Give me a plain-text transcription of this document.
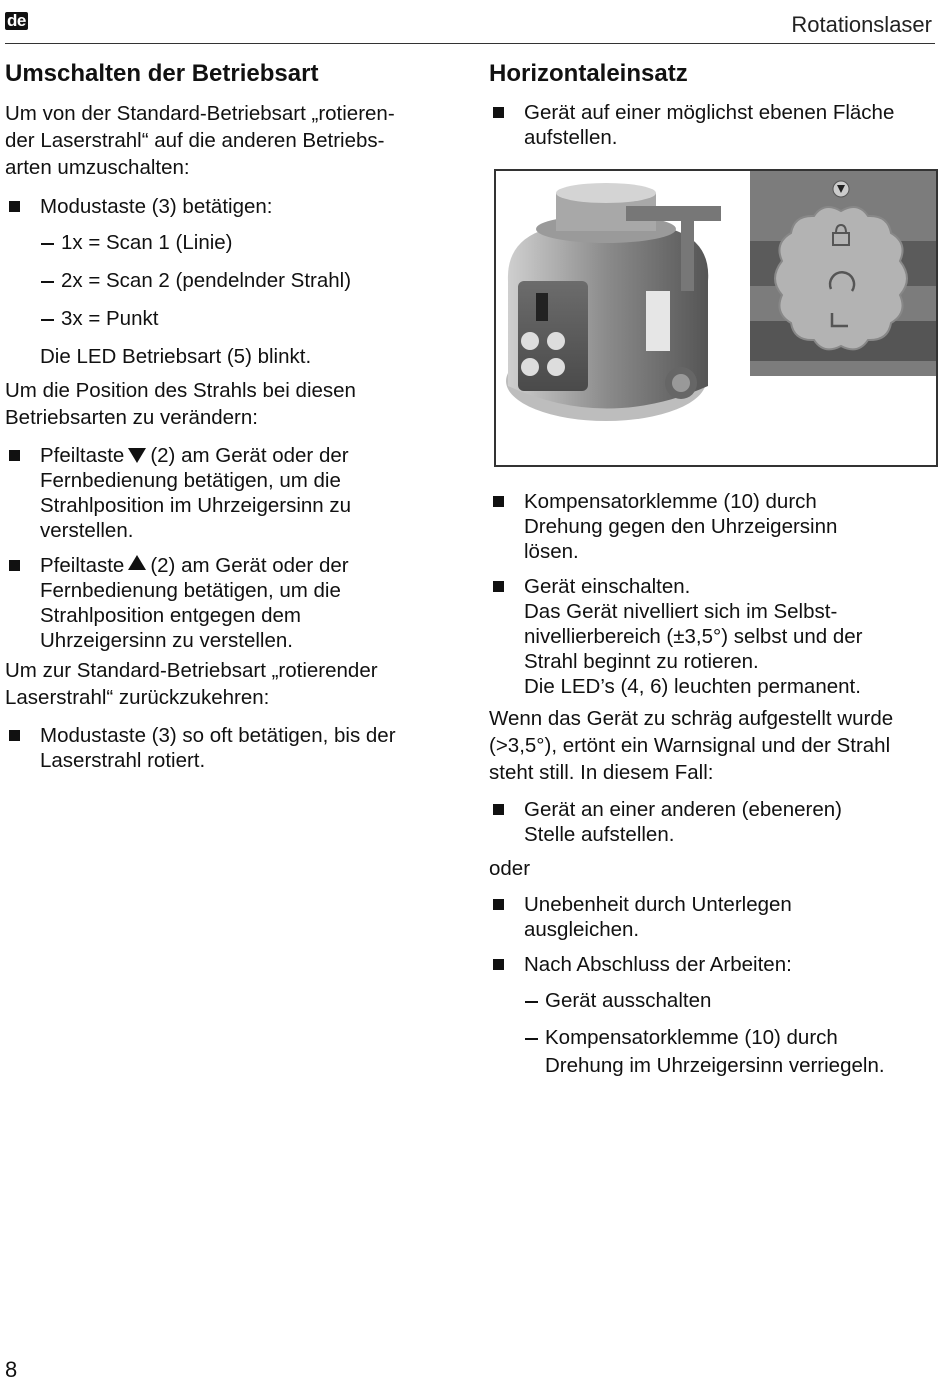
de	Rotationslaser
Umschalten der Betriebsart

Um von der Standard-Betriebsart „rotieren-

der Laserstrahl“ auf die anderen Betriebs-

arten umzuschalten:

Modustaste (3) betätigen:
1x = Scan 1 (Linie)
2x = Scan 2 (pendelnder Strahl)
3x = Punkt
Die LED Betriebsart (5) blinkt.

Um die Position des Strahls bei diesen

Betriebsarten zu verändern:

Pfeiltaste (2) am Gerät oder der
Fernbedienung betätigen, um die
Strahlposition im Uhrzeigersinn zu
verstellen.
Pfeiltaste (2) am Gerät oder der
Fernbedienung betätigen, um die
Strahlposition entgegen dem
Uhrzeigersinn zu verstellen.

Um zur Standard-Betriebsart „rotierender

Laserstrahl“ zurückzukehren:

Modustaste (3) so oft betätigen, bis der
Laserstrahl rotiert.
Horizontaleinsatz
Gerät auf einer möglichst ebenen Fläche
aufstellen.
Kompensatorklemme (10) durch
Drehung gegen den Uhrzeigersinn
lösen.
Gerät einschalten.
Das Gerät nivelliert sich im Selbst-
nivellierbereich (±3,5°) selbst und der
Strahl beginnt zu rotieren.
Die LED’s (4, 6) leuchten permanent.

Wenn das Gerät zu schräg aufgestellt wurde

(>3,5°), ertönt ein Warnsignal und der Strahl

steht still. In diesem Fall:

Gerät an einer anderen (ebeneren)
Stelle aufstellen.

oder

Unebenheit durch Unterlegen
ausgleichen.
Nach Abschluss der Arbeiten:
Gerät ausschalten
Kompensatorklemme (10) durch
Drehung im Uhrzeigersinn verriegeln.
8
